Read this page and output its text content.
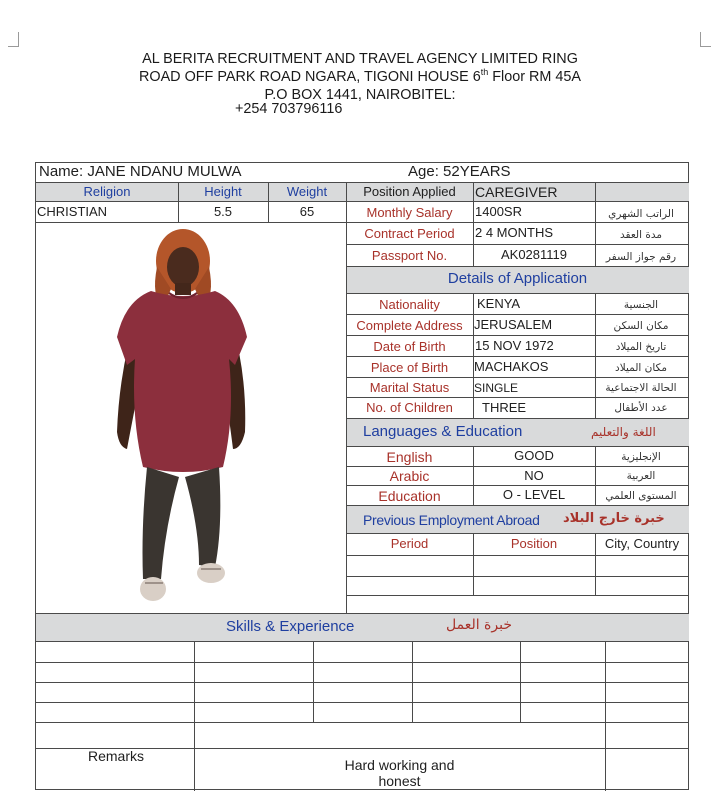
AL BERITA RECRUITMENT AND TRAVEL AGENCY LIMITED RING
ROAD OFF PARK ROAD NGARA, TIGONI HOUSE 6th Floor RM 45A
P.O BOX 1441, NAIROBITEL:
+254 703796116
Name: JANE NDANU MULWA	Age: 52YEARS
Religion	Height	Weight
CHRISTIAN	5.5	65
Position Applied	CAREGIVER
Monthly Salary	1400SR	الراتب الشهري
Contract Period	2 4 MONTHS	مدة العقد
Passport No.	AK0281119	رقم جواز السفر
Details of Application
Nationality	KENYA	الجنسية
Complete Address JERUSALEM	مكان السكن
Date of Birth	15 NOV 1972	تاريخ الميلاد
Place of Birth	MACHAKOS	مكان الميلاد
Marital Status	SINGLE	الحالة الاجتماعية
No. of Children	THREE	عدد الأطفال
Languages & Education	اللغة والتعليم
English	GOOD	الإنجليزية
Arabic	NO	العربية
Education	O - LEVEL	المستوى العلمي
Previous Employment Abroad خبرة خارج البلاد
Period	Position	City, Country
Skills & Experience	خبرة العمل
Remarks
Hard working and
honest
